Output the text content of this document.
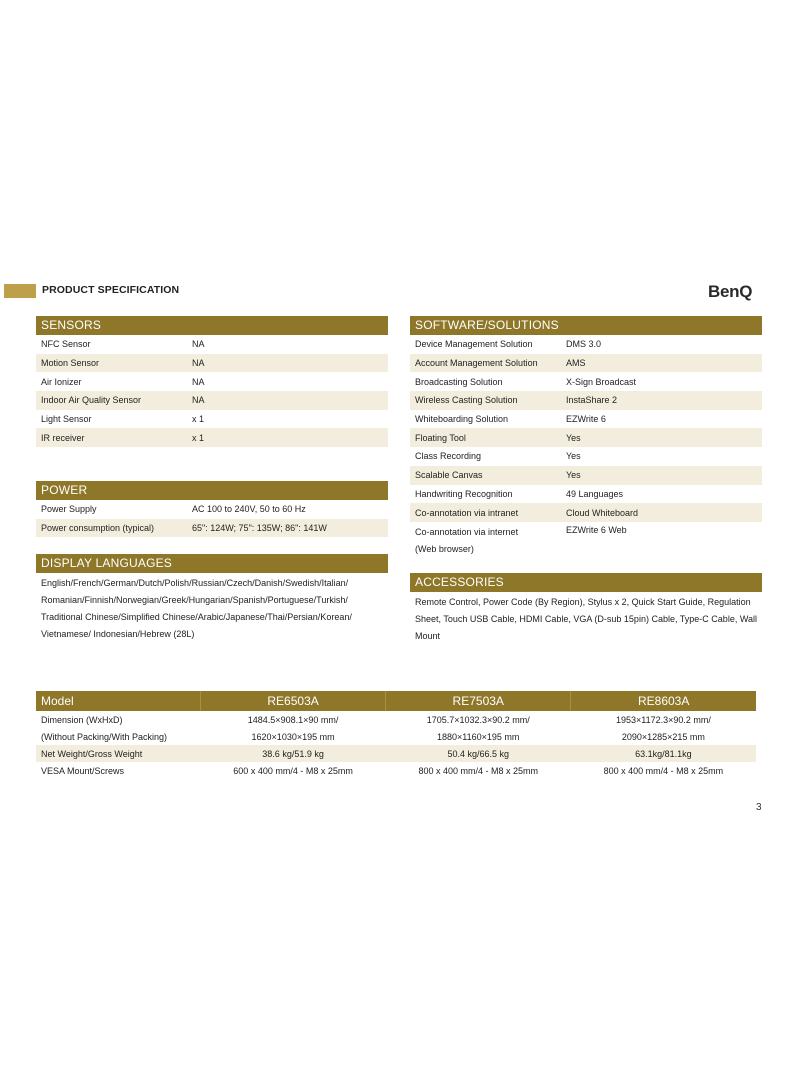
PRODUCT SPECIFICATION	BenQ
SENSORS
NFC Sensor	NA
Motion Sensor	NA
Air Ionizer	NA
Indoor Air Quality Sensor	NA
Light Sensor	x 1
IR receiver	x 1
POWER
Power Supply	AC 100 to 240V, 50 to 60 Hz
Power consumption (typical)	65": 124W; 75": 135W; 86": 141W
DISPLAY LANGUAGES
English/French/German/Dutch/Polish/Russian/Czech/Danish/Swedish/Italian/ Romanian/Finnish/Norwegian/Greek/Hungarian/Spanish/Portuguese/Turkish/ Traditional Chinese/Simplified Chinese/Arabic/Japanese/Thai/Persian/Korean/ Vietnamese/ Indonesian/Hebrew (28L)
SOFTWARE/SOLUTIONS
Device Management Solution	DMS 3.0
Account Management Solution	AMS
Broadcasting Solution	X-Sign Broadcast
Wireless Casting Solution	InstaShare 2
Whiteboarding Solution	EZWrite 6
Floating Tool	Yes
Class Recording	Yes
Scalable Canvas	Yes
Handwriting Recognition	49 Languages
Co-annotation via intranet	Cloud Whiteboard
Co-annotation via internet
(Web browser)	EZWrite 6 Web
ACCESSORIES
Remote Control, Power Code (By Region), Stylus x 2, Quick Start Guide, Regulation Sheet, Touch USB Cable, HDMI Cable, VGA (D-sub 15pin) Cable, Type-C Cable, Wall Mount
Model	RE6503A	RE7503A	RE8603A
Dimension (WxHxD)	1484.5×908.1×90 mm/	1705.7×1032.3×90.2 mm/	1953×1172.3×90.2 mm/
(Without Packing/With Packing)	1620×1030×195 mm	1880×1160×195 mm	2090×1285×215 mm
Net Weight/Gross Weight	38.6 kg/51.9 kg	50.4 kg/66.5 kg	63.1kg/81.1kg
VESA Mount/Screws	600 x 400 mm/4 - M8 x 25mm	800 x 400 mm/4 - M8 x 25mm	800 x 400 mm/4 - M8 x 25mm
3
